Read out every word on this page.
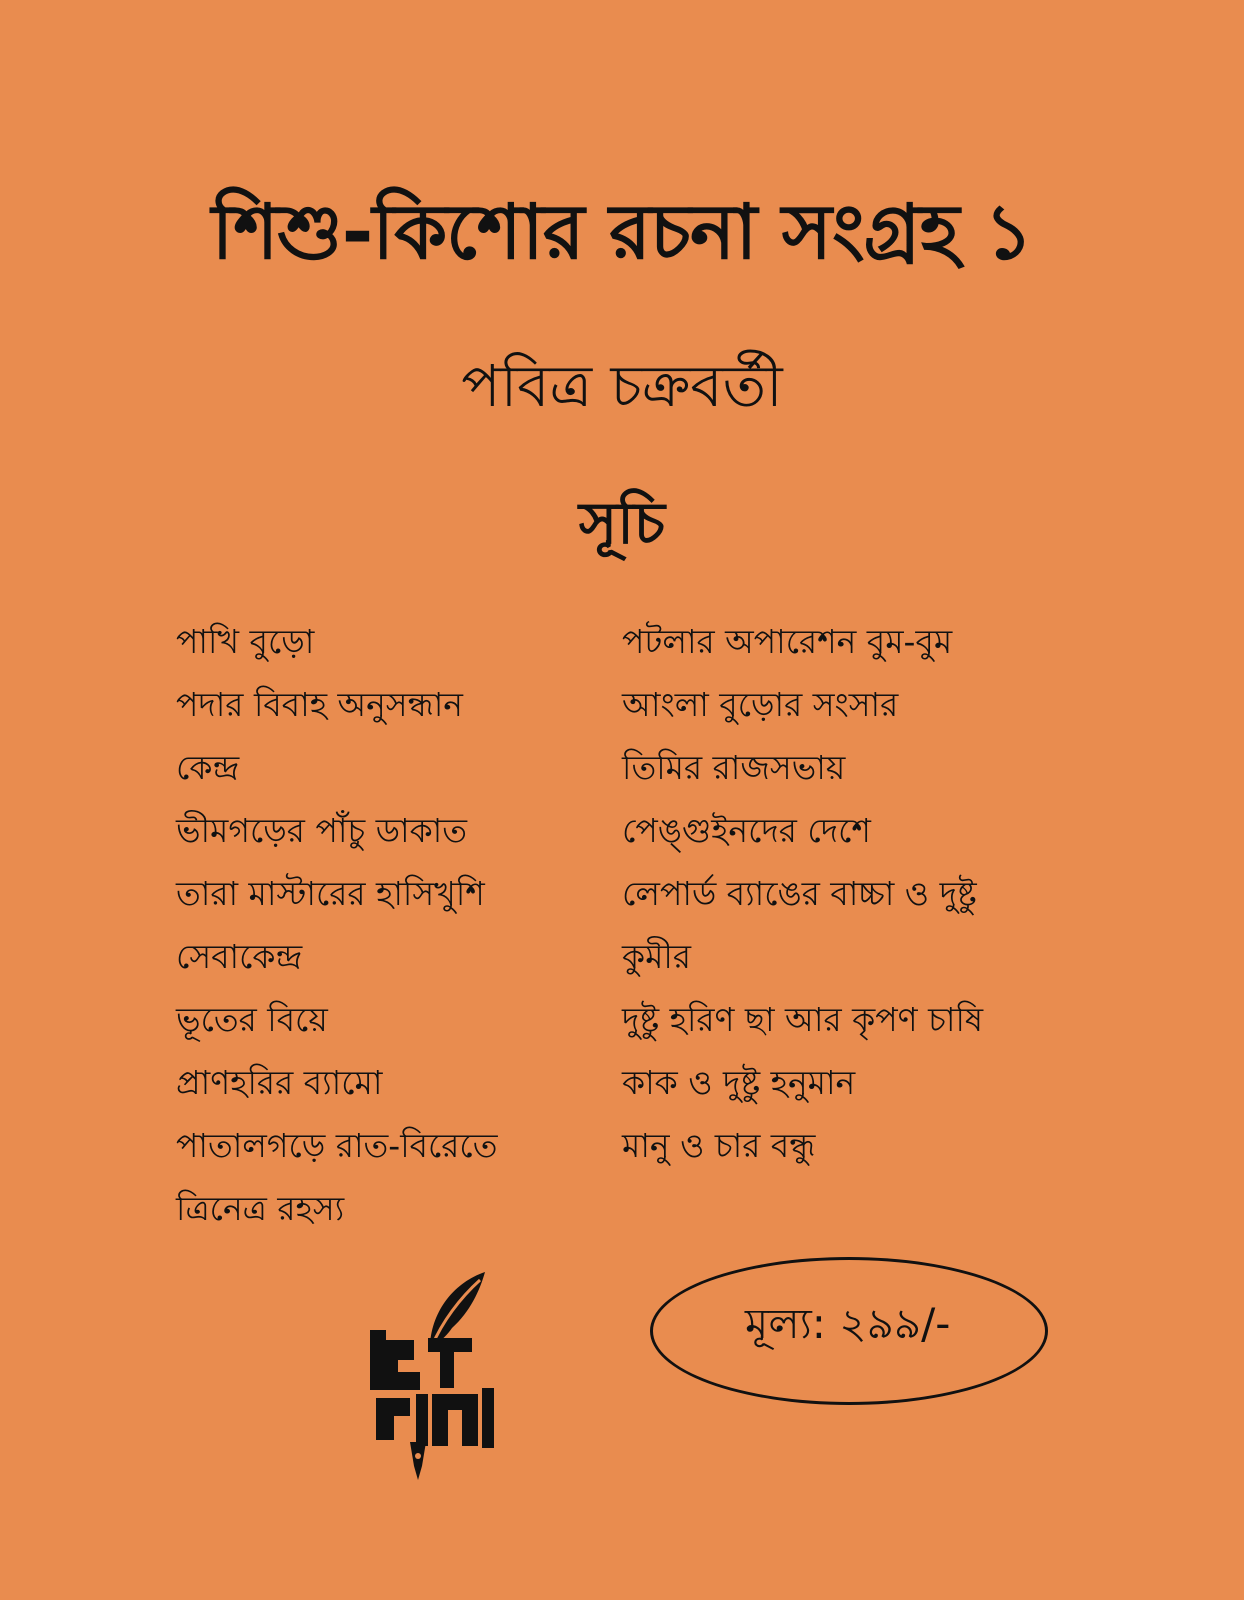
শিশু-কিশোর রচনা সংগ্রহ ১
পবিত্র চক্রবর্তী
সূচি
পাখি বুড়ো
পদার বিবাহ অনুসন্ধান
কেন্দ্র
ভীমগড়ের পাঁচু ডাকাত
তারা মাস্টারের হাসিখুশি
সেবাকেন্দ্র
ভূতের বিয়ে
প্রাণহরির ব্যামো
পাতালগড়ে রাত-বিরেতে
ত্রিনেত্র রহস্য
পটলার অপারেশন বুম-বুম
আংলা বুড়োর সংসার
তিমির রাজসভায়
পেঙ্গুইনদের দেশে
লেপার্ড ব্যাঙের বাচ্চা ও দুষ্টু
কুমীর
দুষ্টু হরিণ ছা আর কৃপণ চাষি
কাক ও দুষ্টু হনুমান
মানু ও চার বন্ধু
মূল্য: ২৯৯/-
